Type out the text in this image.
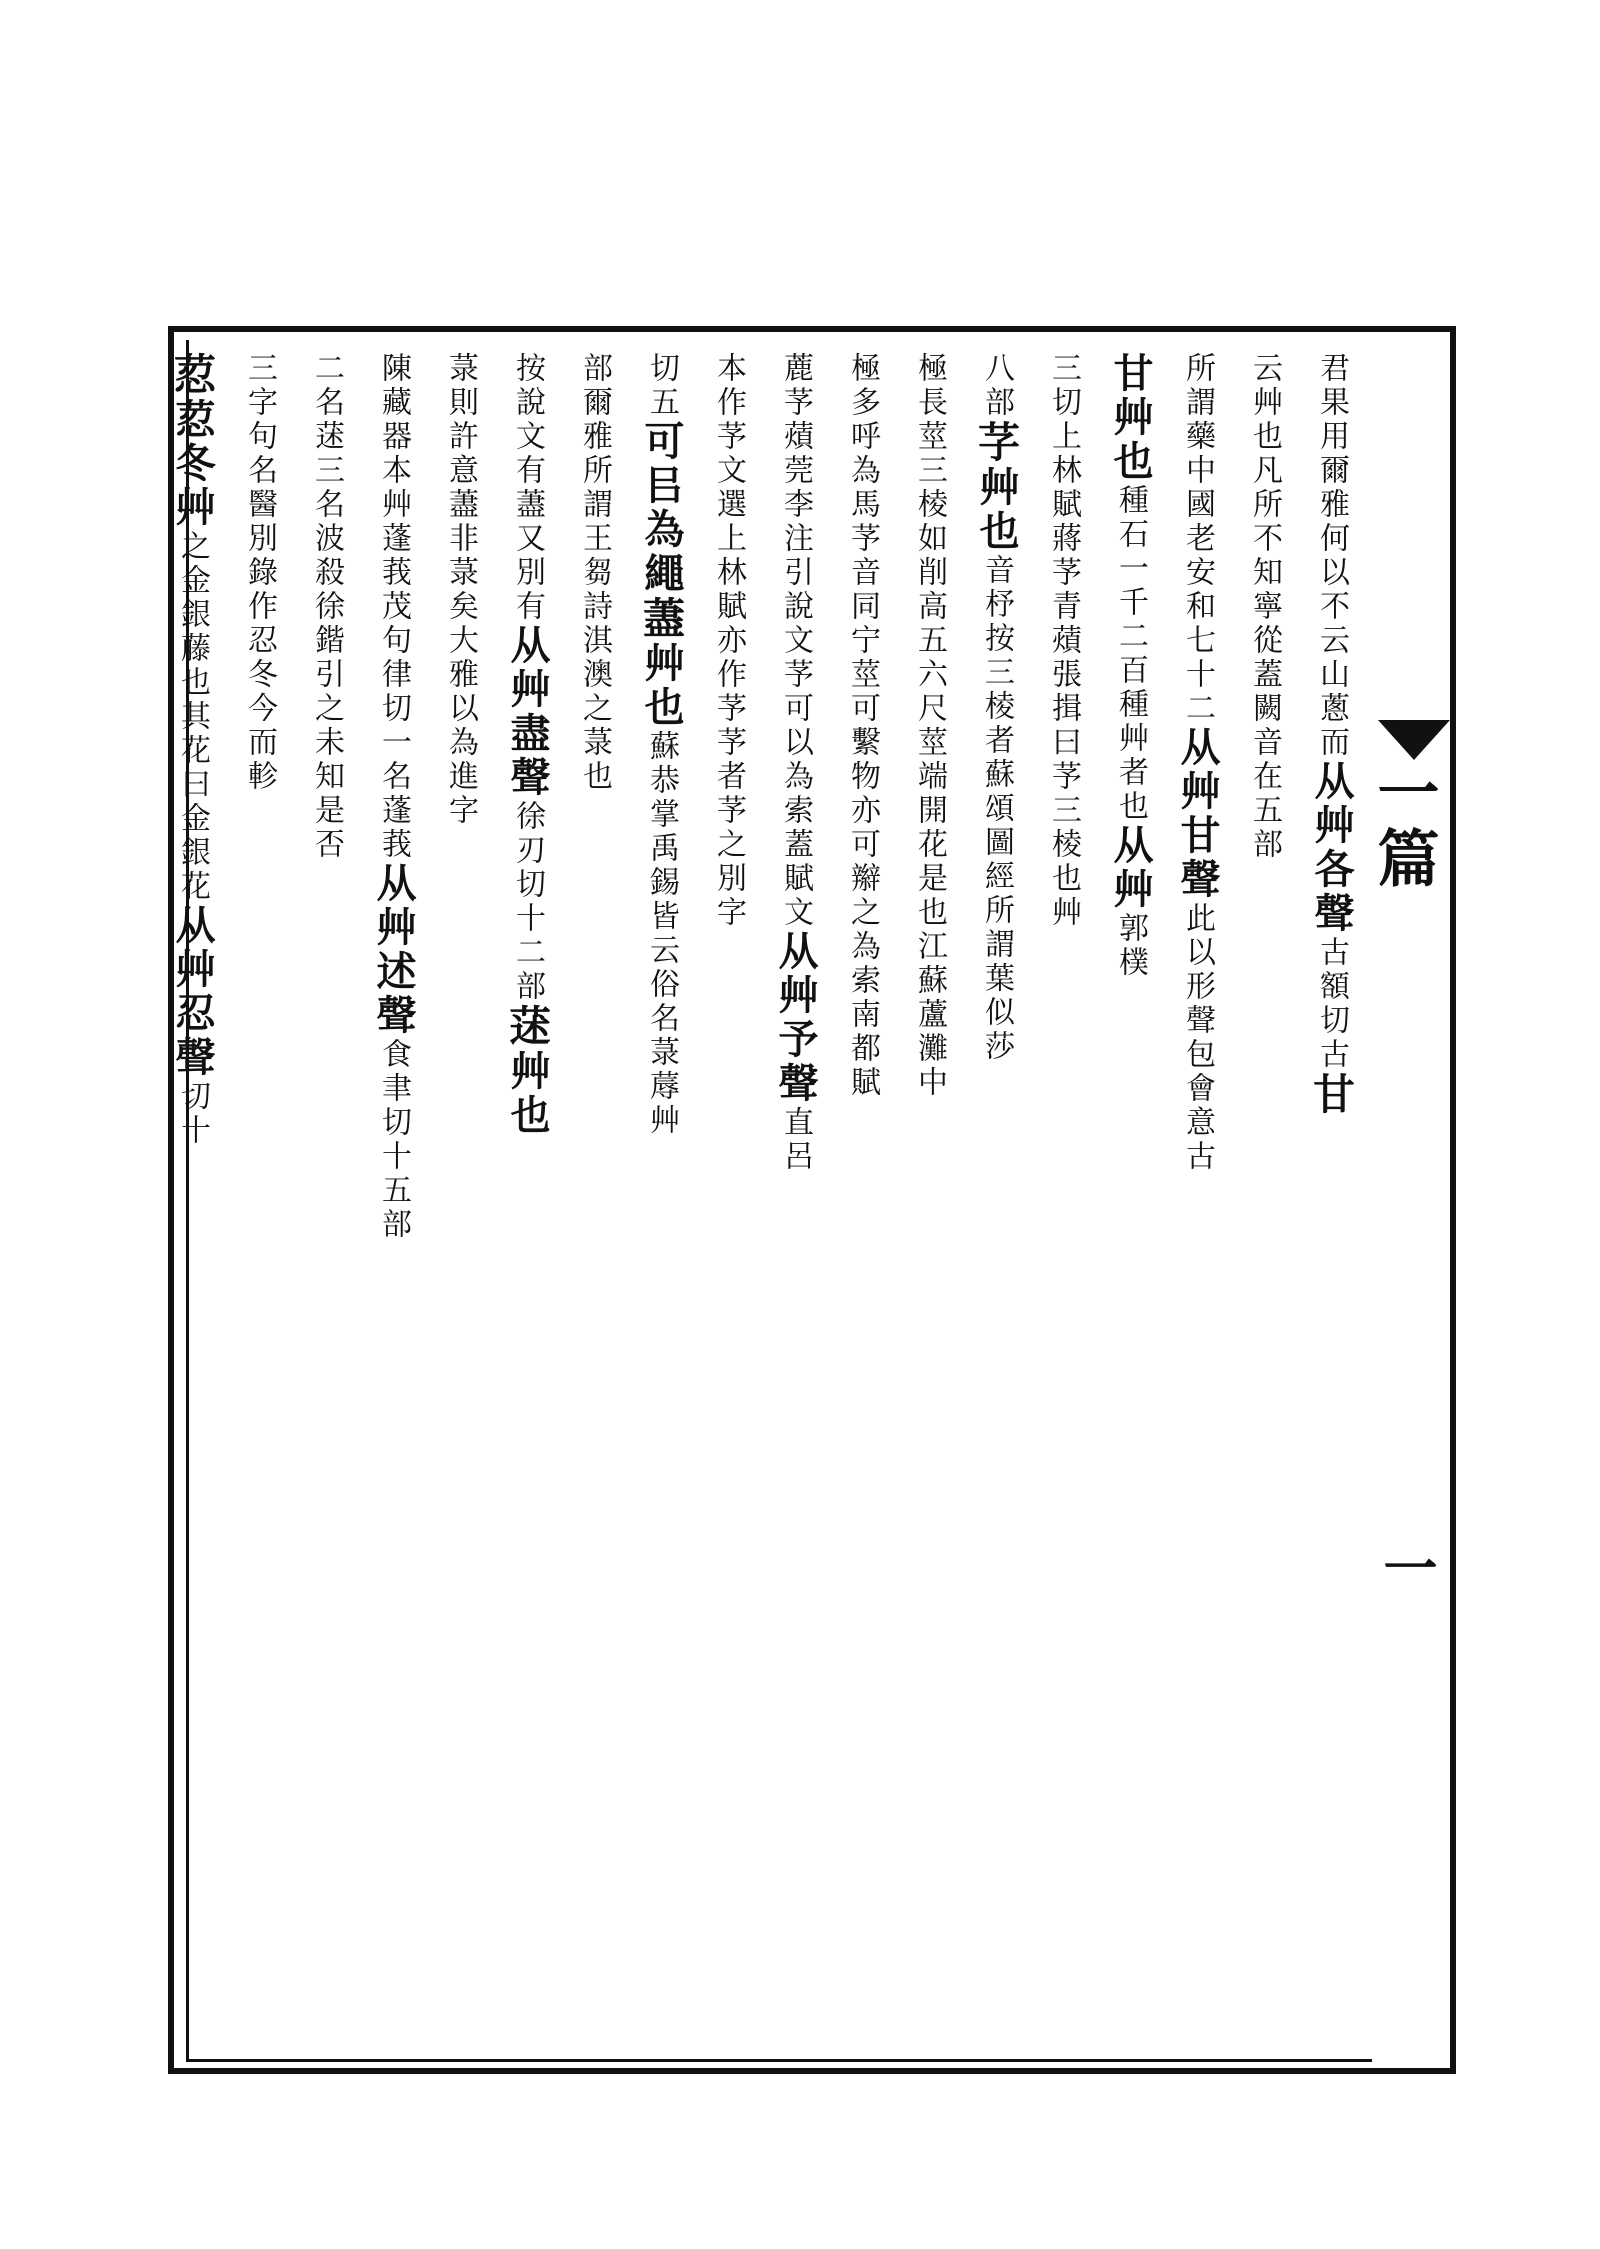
一篇
一
君果用爾雅何以不云山蔥而从艸各聲古額切古甘
云艸也凡所不知寧從蓋闕音在五部
所謂藥中國老安和七十二从艸甘聲此以形聲包會意古
甘艸也種石一千二百種艸者也从艸郭樸
三切上林賦蔣芧青薠張揖曰芧三棱也艸
八部芓艸也音杼按三棱者蘇頌圖經所謂葉似莎
極長莖三棱如削高五六尺莖端開花是也江蘇蘆灘中
極多呼為馬芧音同宁莖可繫物亦可辮之為索南都賦
蔍芧薠莞李注引說文芧可以為索蓋賦文从艸予聲直呂
本作芧文選上林賦亦作芧芧者芧之別字
切五可㠯為繩藎艸也蘇恭掌禹錫皆云俗名菉蓐艸
部爾雅所謂王芻詩淇澳之菉也
按說文有藎又別有从艸盡聲徐刃切十二部蒁艸也
菉則許意藎非菉矣大雅以為進字
陳藏器本艸蓬莪茂句律切一名蓬莪从艸述聲食聿切十五部
二名蒁三名波殺徐鍇引之未知是否
三字句名醫別錄作忍冬今而軫
荵荵冬艸之金銀藤也其花曰金銀花从艸忍聲切十
